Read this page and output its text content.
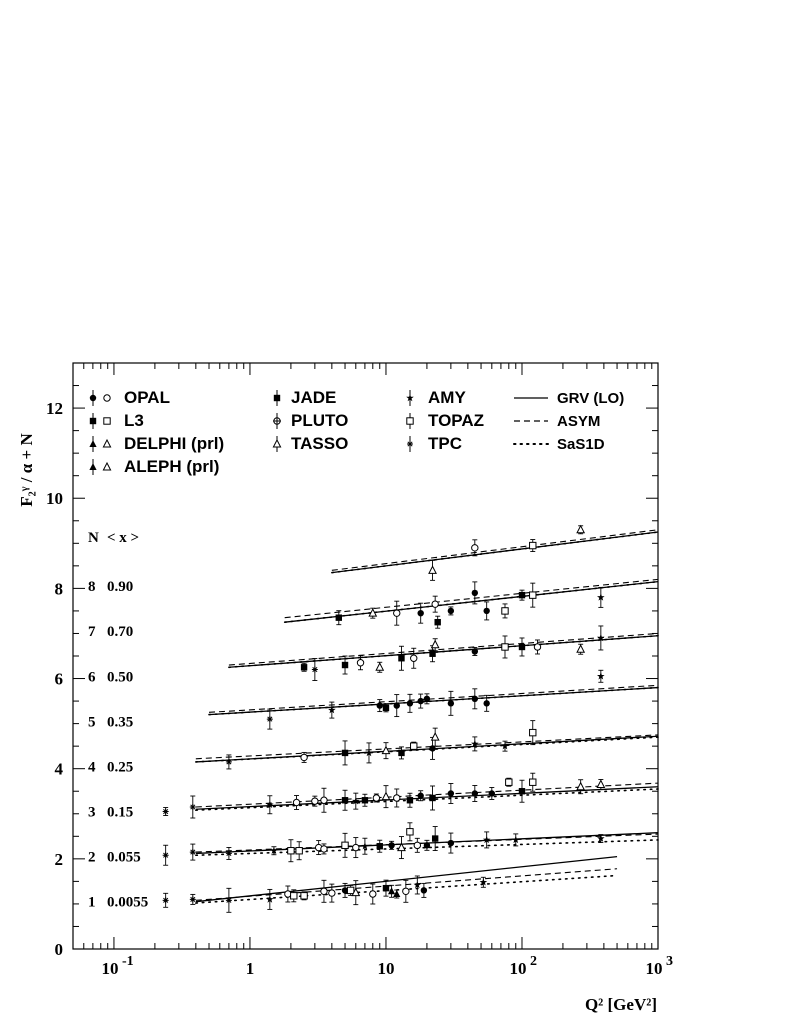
0
2
4
6
8
10
12
10 -1	1	10	10 2	10 3
N < x >
1 0.0055
2 0.055
3 0.15
4 0.25
5 0.35
6 0.50
7 0.70
8 0.90
OPAL
L3
DELPHI (prl)
ALEPH (prl)
JADE
PLUTO
TASSO
AMY
TOPAZ
TPC
GRV (LO)
ASYM
SaS1D
F₂ᵞ / α + N
Q² [GeV²]
